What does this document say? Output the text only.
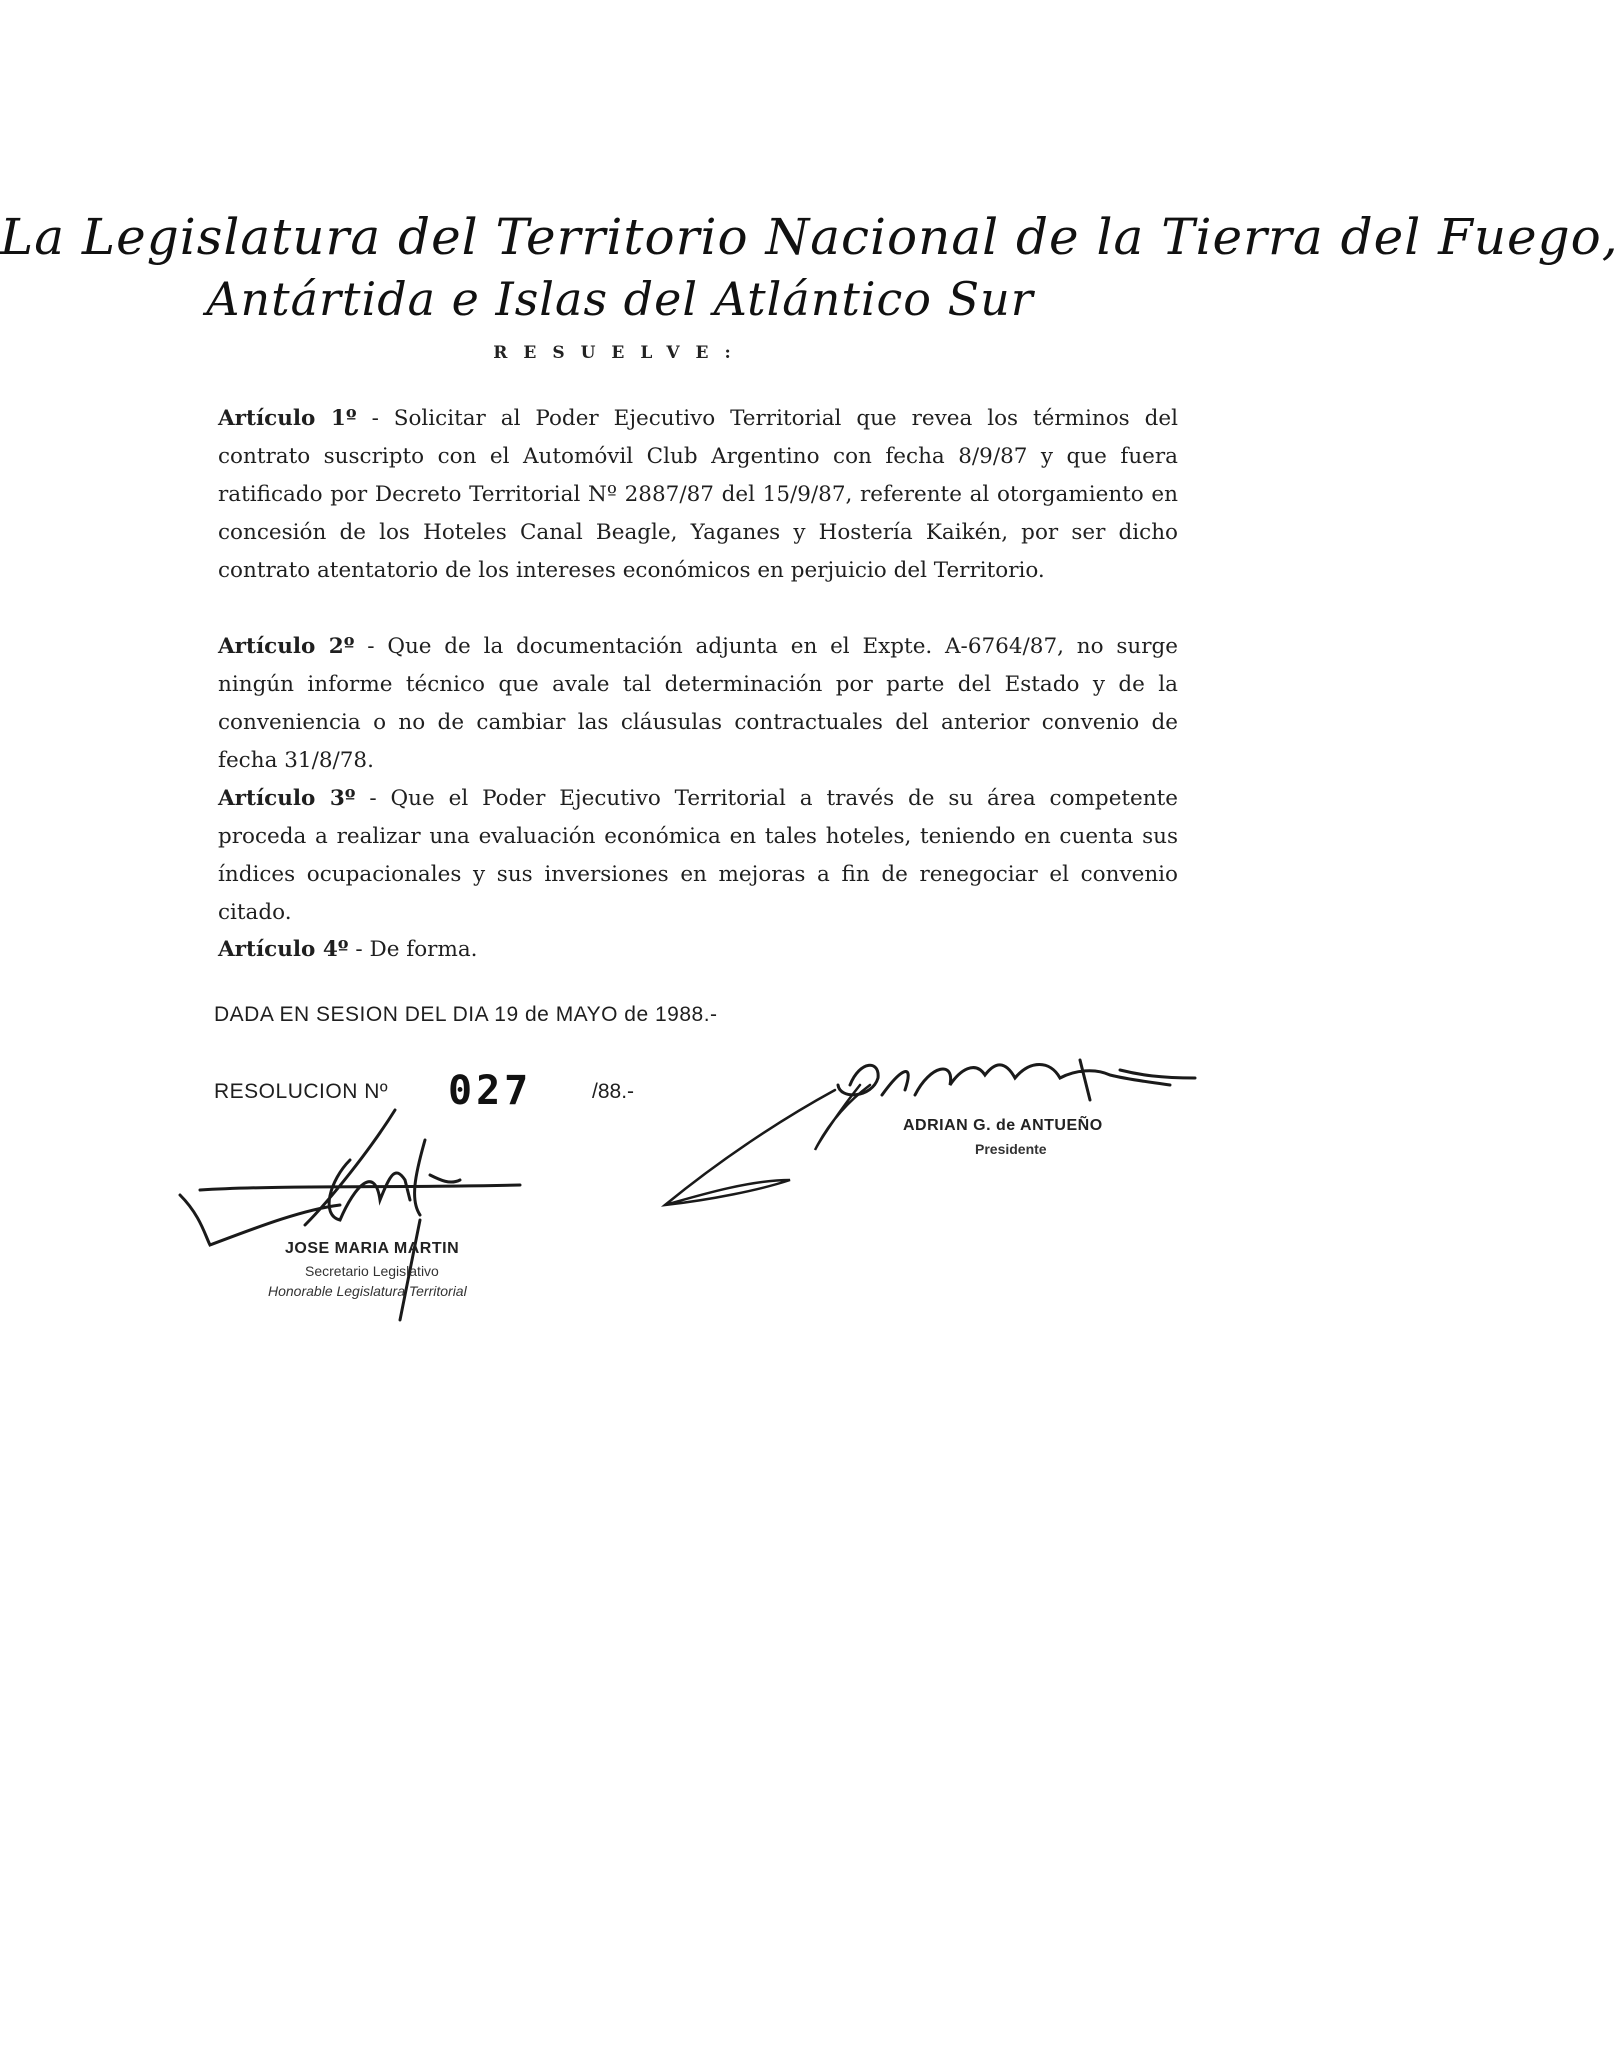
La Legislatura del Territorio Nacional de la Tierra del Fuego,
Antártida e Islas del Atlántico Sur
RESUELVE:
Artículo 1º - Solicitar al Poder Ejecutivo Territorial que revea los términos del contrato suscripto con el Automóvil Club Argentino con fecha 8/9/87 y que fuera ratificado por Decreto Territorial Nº 2887/87 del 15/9/87, referente al otorgamiento en concesión de los Hoteles Canal Beagle, Yaganes y Hostería Kaikén, por ser dicho contrato atentatorio de los intereses económicos en perjuicio del Territorio.
Artículo 2º - Que de la documentación adjunta en el Expte. A-6764/87, no surge ningún informe técnico que avale tal determinación por parte del Estado y de la conveniencia o no de cambiar las cláusulas contractuales del anterior convenio de fecha 31/8/78.
Artículo 3º - Que el Poder Ejecutivo Territorial a través de su área competente proceda a realizar una evaluación económica en tales hoteles, teniendo en cuenta sus índices ocupacionales y sus inversiones en mejoras a fin de renegociar el convenio citado.
Artículo 4º - De forma.
DADA EN SESION DEL DIA 19 de MAYO de 1988.-
RESOLUCION Nº 027	/88.-
ADRIAN G. de ANTUEÑO
Presidente
JOSE MARIA MARTIN
Secretario Legislativo
Honorable Legislatura Territorial
